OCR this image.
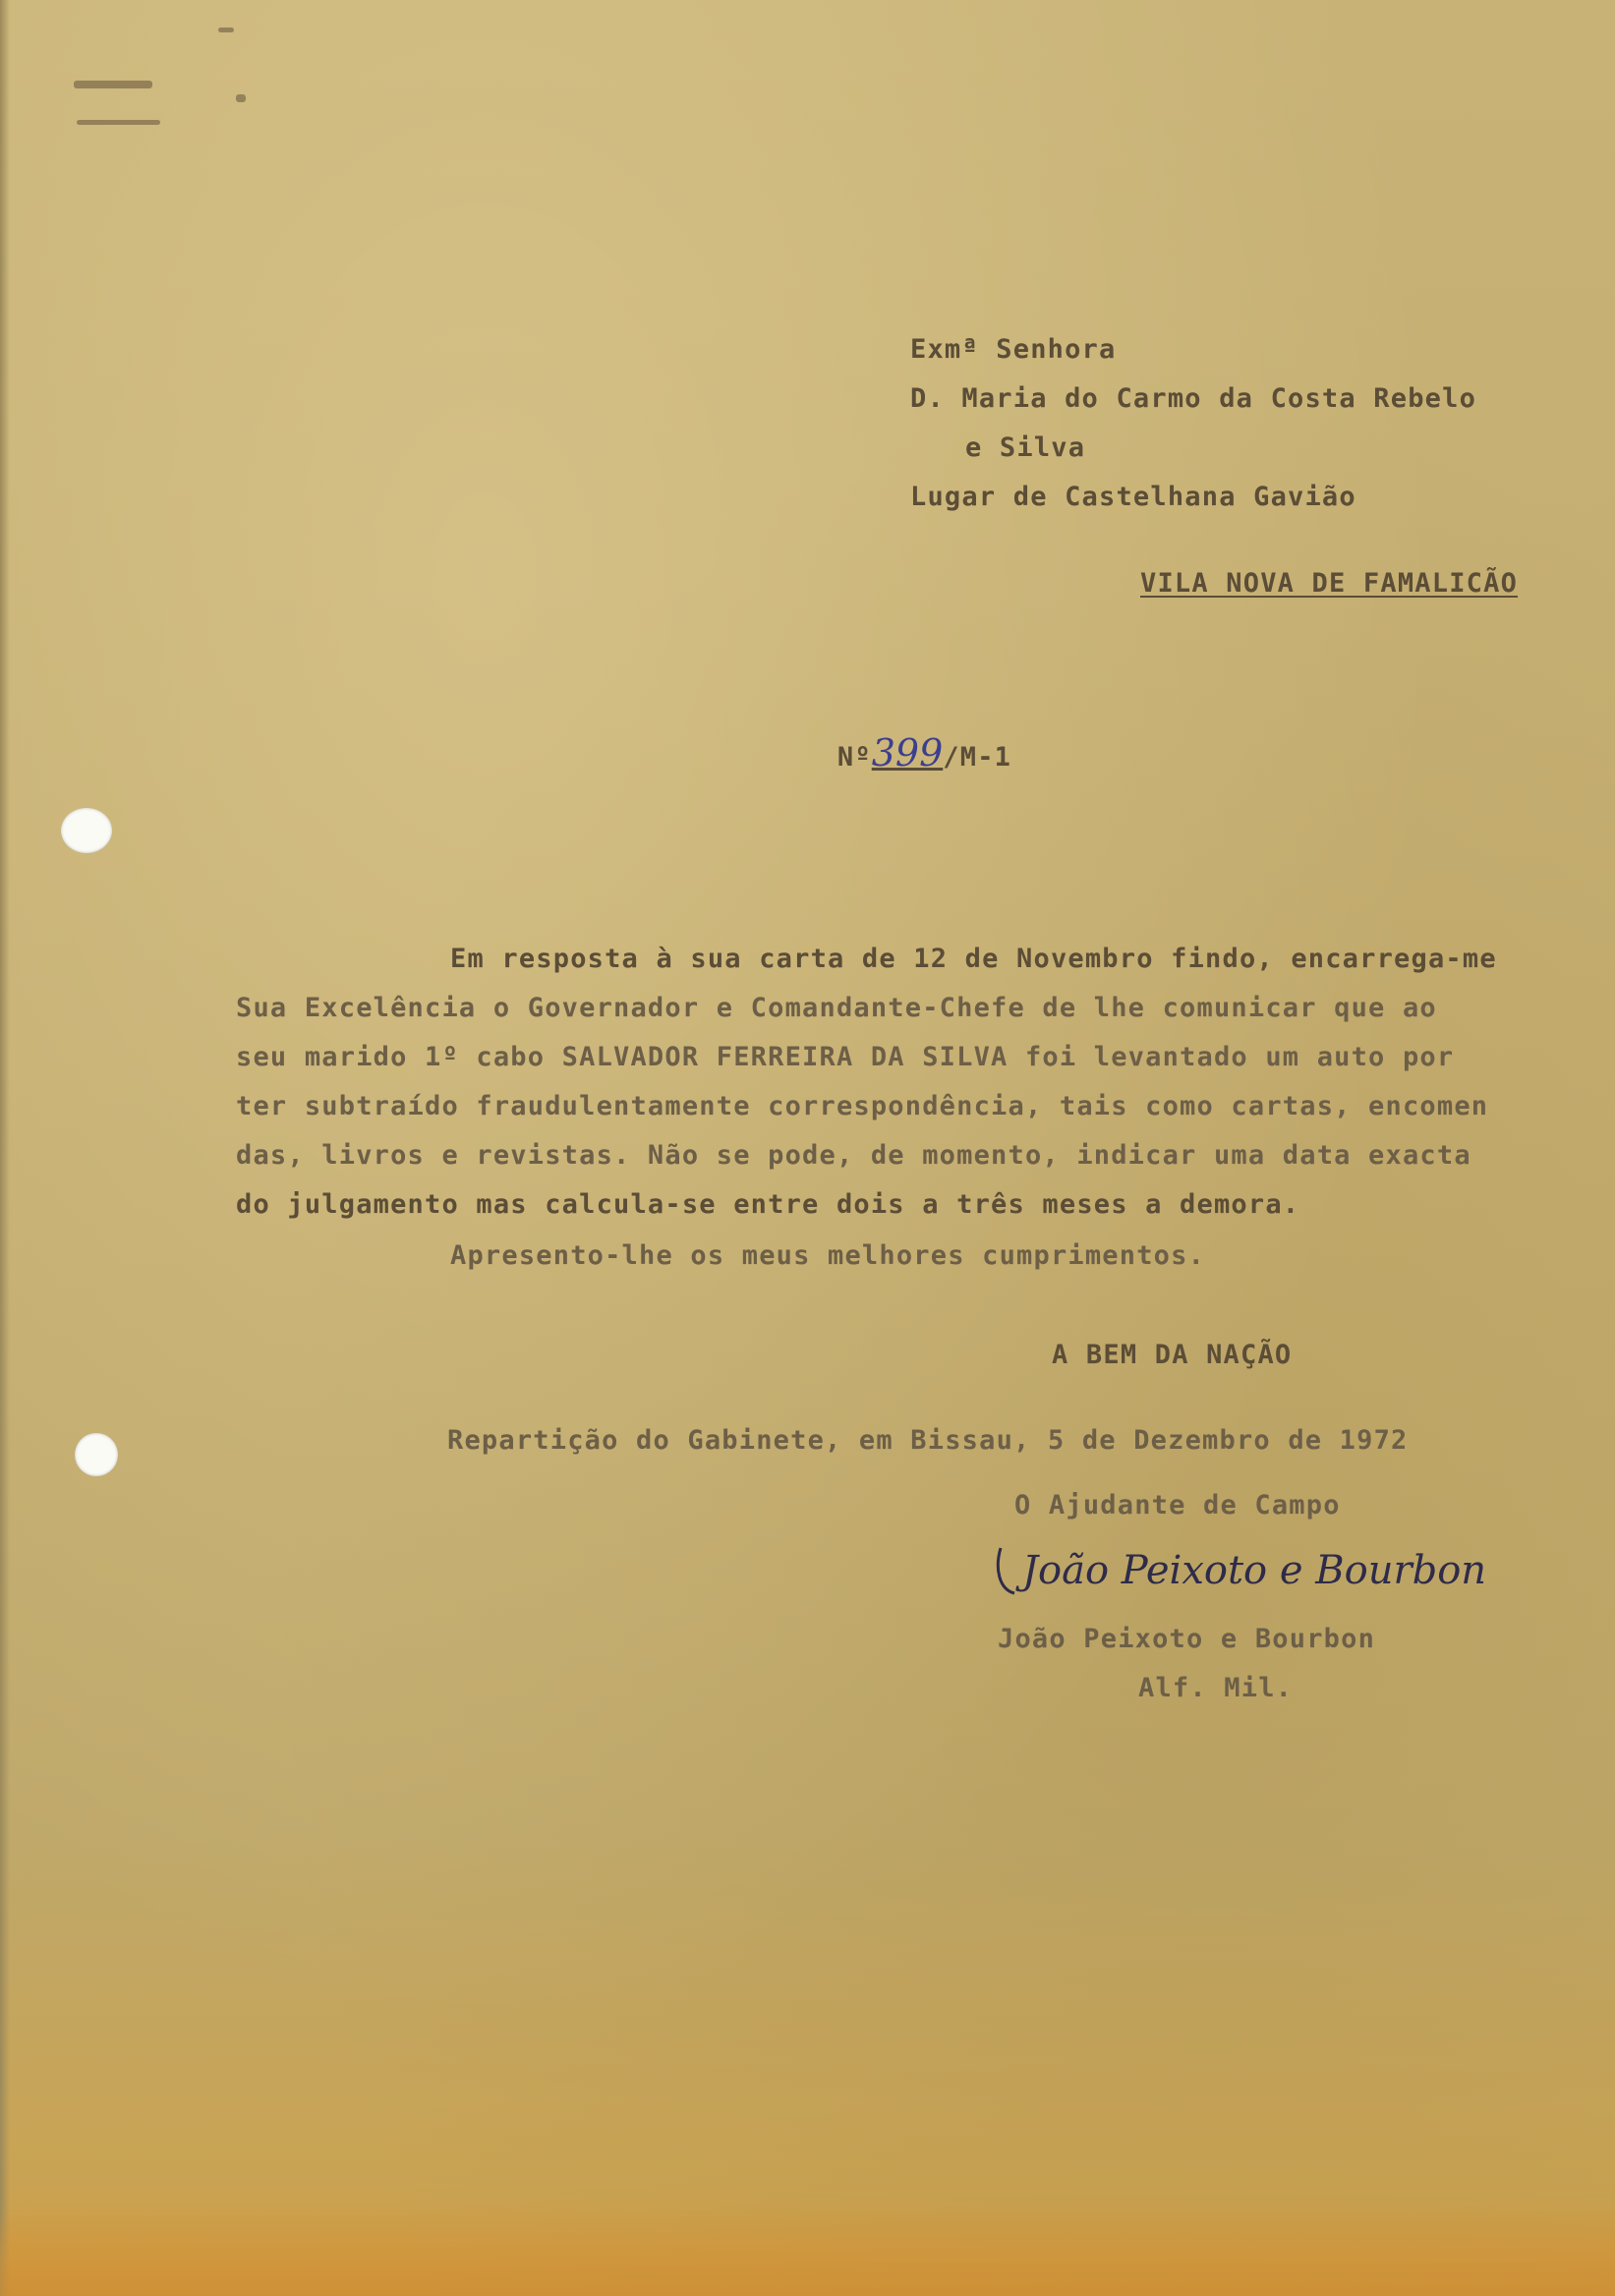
Exmª Senhora
D. Maria do Carmo da Costa Rebelo
e Silva
Lugar de Castelhana Gavião
VILA NOVA DE FAMALICÃO

Nº399/M-1

Em resposta à sua carta de 12 de Novembro findo, encarrega-me
Sua Excelência o Governador e Comandante-Chefe de lhe comunicar que ao
seu marido 1º cabo SALVADOR FERREIRA DA SILVA foi levantado um auto por
ter subtraído fraudulentamente correspondência, tais como cartas, encomen
das, livros e revistas. Não se pode, de momento, indicar uma data exacta
do julgamento mas calcula-se entre dois a três meses a demora.
Apresento-lhe os meus melhores cumprimentos.
A BEM DA NAÇÃO
Repartição do Gabinete, em Bissau, 5 de Dezembro de 1972
O Ajudante de Campo
João Peixoto e Bourbon
João Peixoto e Bourbon
Alf. Mil.
